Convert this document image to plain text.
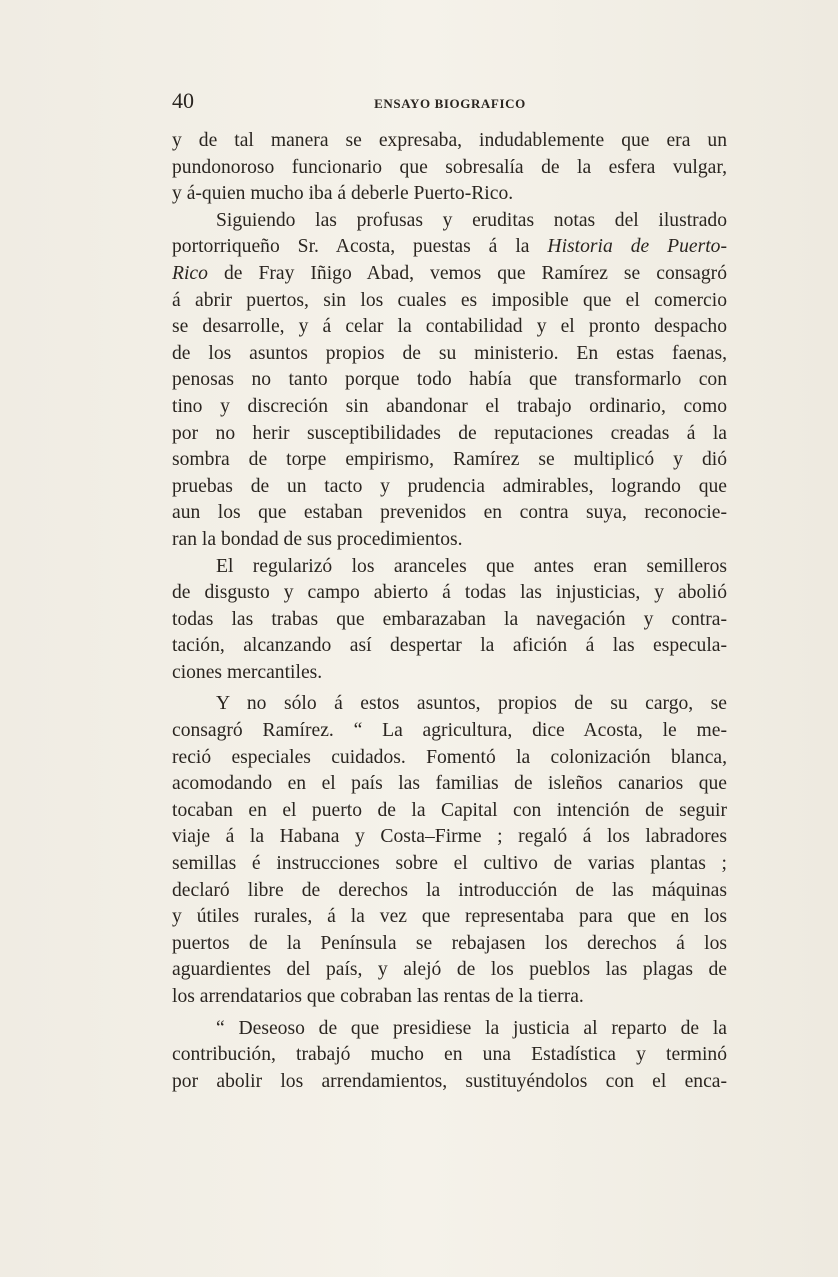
40	ENSAYO BIOGRAFICO
y de tal manera se expresaba, indudablemente que era un
pundonoroso funcionario que sobresalía de la esfera vulgar,
y á-quien mucho iba á deberle Puerto-Rico.
Siguiendo las profusas y eruditas notas del ilustrado
portorriqueño Sr. Acosta, puestas á la Historia de Puerto-
Rico de Fray Iñigo Abad, vemos que Ramírez se consagró
á abrir puertos, sin los cuales es imposible que el comercio
se desarrolle, y á celar la contabilidad y el pronto despacho
de los asuntos propios de su ministerio. En estas faenas,
penosas no tanto porque todo había que transformarlo con
tino y discreción sin abandonar el trabajo ordinario, como
por no herir susceptibilidades de reputaciones creadas á la
sombra de torpe empirismo, Ramírez se multiplicó y dió
pruebas de un tacto y prudencia admirables, logrando que
aun los que estaban prevenidos en contra suya, reconocie-
ran la bondad de sus procedimientos.
El regularizó los aranceles que antes eran semilleros
de disgusto y campo abierto á todas las injusticias, y abolió
todas las trabas que embarazaban la navegación y contra-
tación, alcanzando así despertar la afición á las especula-
ciones mercantiles.
Y no sólo á estos asuntos, propios de su cargo, se
consagró Ramírez. “ La agricultura, dice Acosta, le me-
reció especiales cuidados. Fomentó la colonización blanca,
acomodando en el país las familias de isleños canarios que
tocaban en el puerto de la Capital con intención de seguir
viaje á la Habana y Costa–Firme ; regaló á los labradores
semillas é instrucciones sobre el cultivo de varias plantas ;
declaró libre de derechos la introducción de las máquinas
y útiles rurales, á la vez que representaba para que en los
puertos de la Península se rebajasen los derechos á los
aguardientes del país, y alejó de los pueblos las plagas de
los arrendatarios que cobraban las rentas de la tierra.
“ Deseoso de que presidiese la justicia al reparto de la
contribución, trabajó mucho en una Estadística y terminó
por abolir los arrendamientos, sustituyéndolos con el enca-
